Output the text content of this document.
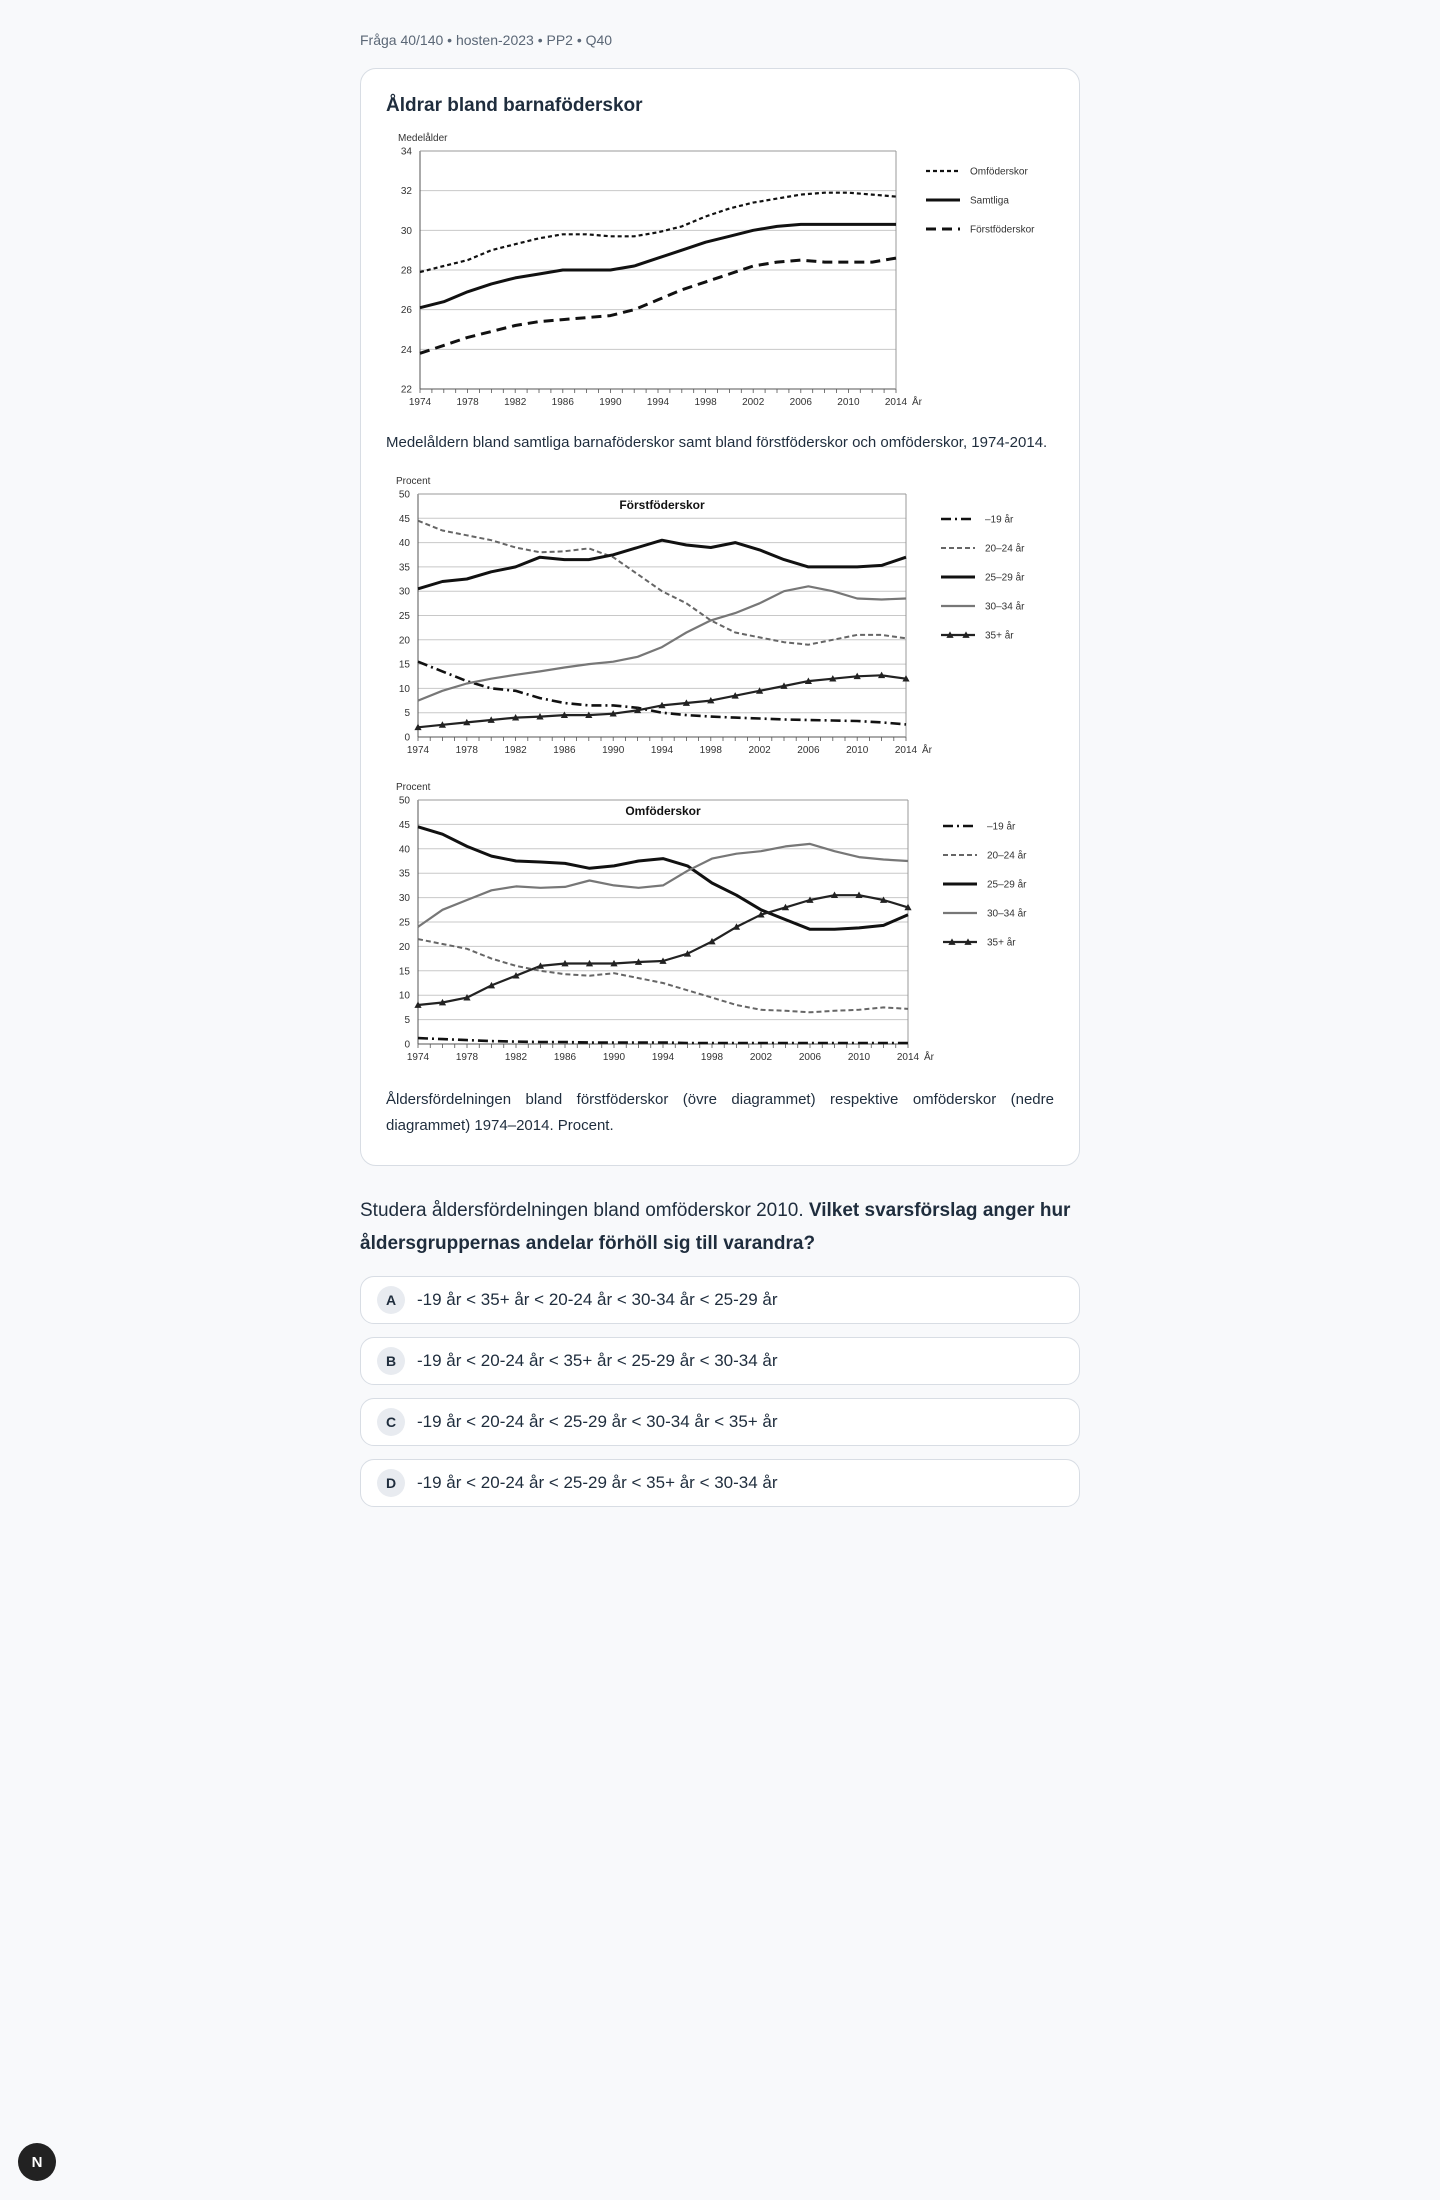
Fråga 40/140 • hosten-2023 • PP2 • Q40
Åldrar bland barnaföderskor
22
24
26
28
30
32
34
1974	1978	1982	1986	1990	1994	1998	2002	2006	2010	2014 År
Medelålder
Omföderskor
Samtliga
Förstföderskor
Medelåldern bland samtliga barnaföderskor samt bland förstföderskor och omföderskor, 1974-2014.
0
5
10
15
20
25
30
35
40
45
50
1974	1978	1982	1986	1990	1994	1998	2002	2006	2010	2014 År
Procent
Förstföderskor
–19 år
20–24 år
25–29 år
30–34 år
35+ år

0
5
10
15
20
25
30
35
40
45
50
1974	1978	1982	1986	1990	1994	1998	2002	2006	2010	2014 År
Procent
Omföderskor
–19 år
20–24 år
25–29 år
30–34 år
35+ år
Åldersfördelningen bland förstföderskor (övre diagrammet) respektive omföderskor (nedre diagrammet) 1974–2014. Procent.
Studera åldersfördelningen bland omföderskor 2010. Vilket svarsförslag anger hur åldersgruppernas andelar förhöll sig till varandra?
A	-19 år < 35+ år < 20-24 år < 30-34 år < 25-29 år
B	-19 år < 20-24 år < 35+ år < 25-29 år < 30-34 år
C	-19 år < 20-24 år < 25-29 år < 30-34 år < 35+ år
D	-19 år < 20-24 år < 25-29 år < 35+ år < 30-34 år
N
